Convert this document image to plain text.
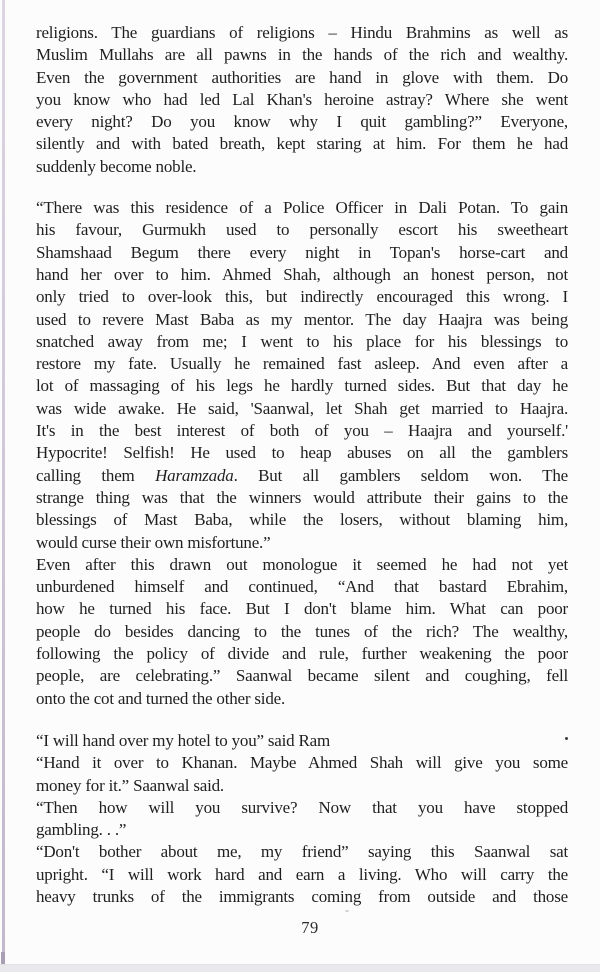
religions. The guardians of religions – Hindu Brahmins as well as
Muslim Mullahs are all pawns in the hands of the rich and wealthy.
Even the government authorities are hand in glove with them. Do
you know who had led Lal Khan's heroine astray? Where she went
every night? Do you know why I quit gambling?” Everyone,
silently and with bated breath, kept staring at him. For them he had
suddenly become noble.

“There was this residence of a Police Officer in Dali Potan. To gain
his favour, Gurmukh used to personally escort his sweetheart
Shamshaad Begum there every night in Topan's horse-cart and
hand her over to him. Ahmed Shah, although an honest person, not
only tried to over-look this, but indirectly encouraged this wrong. I
used to revere Mast Baba as my mentor. The day Haajra was being
snatched away from me; I went to his place for his blessings to
restore my fate. Usually he remained fast asleep. And even after a
lot of massaging of his legs he hardly turned sides. But that day he
was wide awake. He said, 'Saanwal, let Shah get married to Haajra.
It's in the best interest of both of you – Haajra and yourself.'
Hypocrite! Selfish! He used to heap abuses on all the gamblers
calling them Haramzada. But all gamblers seldom won. The
strange thing was that the winners would attribute their gains to the
blessings of Mast Baba, while the losers, without blaming him,
would curse their own misfortune.”

Even after this drawn out monologue it seemed he had not yet
unburdened himself and continued, “And that bastard Ebrahim,
how he turned his face. But I don't blame him. What can poor
people do besides dancing to the tunes of the rich? The wealthy,
following the policy of divide and rule, further weakening the poor
people, are celebrating.” Saanwal became silent and coughing, fell
onto the cot and turned the other side.

“I will hand over my hotel to you” said Ram

“Hand it over to Khanan. Maybe Ahmed Shah will give you some
money for it.” Saanwal said.

“Then how will you survive? Now that you have stopped
gambling. . .”

“Don't bother about me, my friend” saying this Saanwal sat
upright. “I will work hard and earn a living. Who will carry the
heavy trunks of the immigrants coming from outside and those

79
